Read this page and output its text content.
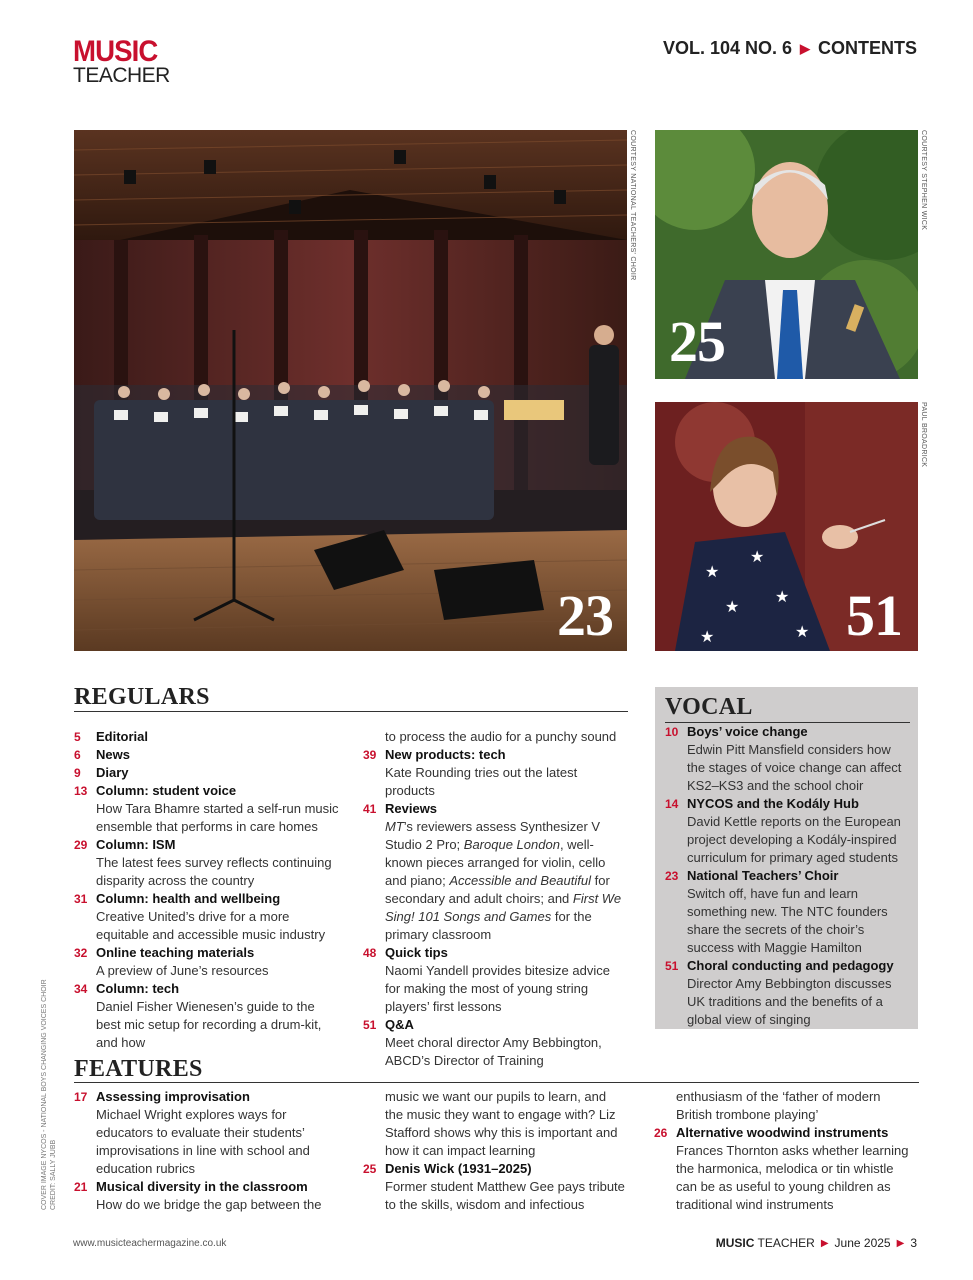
MUSIC
TEACHER
VOL. 104 NO. 6 ▶ CONTENTS
23
COURTESY NATIONAL TEACHERS' CHOIR
25
COURTESY STEPHEN WICK
★
★
★
★
★	★ 51
PAUL BROADRICK
REGULARS
5	Editorial
6	News
9	Diary
13 Column: student voice
How Tara Bhamre started a self-run music ensemble that performs in care homes
29 Column: ISM
The latest fees survey reflects continuing disparity across the country
31 Column: health and wellbeing
Creative United’s drive for a more equitable and accessible music industry
32 Online teaching materials
A preview of June’s resources
34 Column: tech
Daniel Fisher Wienesen’s guide to the best mic setup for recording a drum-kit, and how
to process the audio for a punchy sound
39 New products: tech
Kate Rounding tries out the latest products
41 Reviews
MT’s reviewers assess Synthesizer V Studio 2 Pro; Baroque London, well-known pieces arranged for violin, cello and piano; Accessible and Beautiful for secondary and adult choirs; and First We Sing! 101 Songs and Games for the primary classroom
48 Quick tips
Naomi Yandell provides bitesize advice for making the most of young string players’ first lessons
51 Q&A
Meet choral director Amy Bebbington, ABCD’s Director of Training
VOCAL
10 Boys’ voice change
Edwin Pitt Mansfield considers how the stages of voice change can affect KS2–KS3 and the school choir
14 NYCOS and the Kodály Hub
David Kettle reports on the European project developing a Kodály-inspired curriculum for primary aged students
23 National Teachers’ Choir
Switch off, have fun and learn something new. The NTC founders share the secrets of the choir’s success with Maggie Hamilton
51 Choral conducting and pedagogy
Director Amy Bebbington discusses UK traditions and the benefits of a global view of singing
FEATURES
17 Assessing improvisation
Michael Wright explores ways for educators to evaluate their students’ improvisations in line with school and education rubrics
21 Musical diversity in the classroom
How do we bridge the gap between the
music we want our pupils to learn, and the music they want to engage with? Liz Stafford shows why this is important and how it can impact learning
25 Denis Wick (1931–2025)
Former student Matthew Gee pays tribute to the skills, wisdom and infectious
enthusiasm of the ‘father of modern British trombone playing’
26 Alternative woodwind instruments
Frances Thornton asks whether learning the harmonica, melodica or tin whistle can be as useful to young children as traditional wind instruments
COVER IMAGE NYCOS - NATIONAL BOYS CHANGING VOICES CHOIR CREDIT: SALLY JUBB
www.musicteachermagazine.co.uk	MUSIC TEACHER ▶ June 2025 ▶ 3
